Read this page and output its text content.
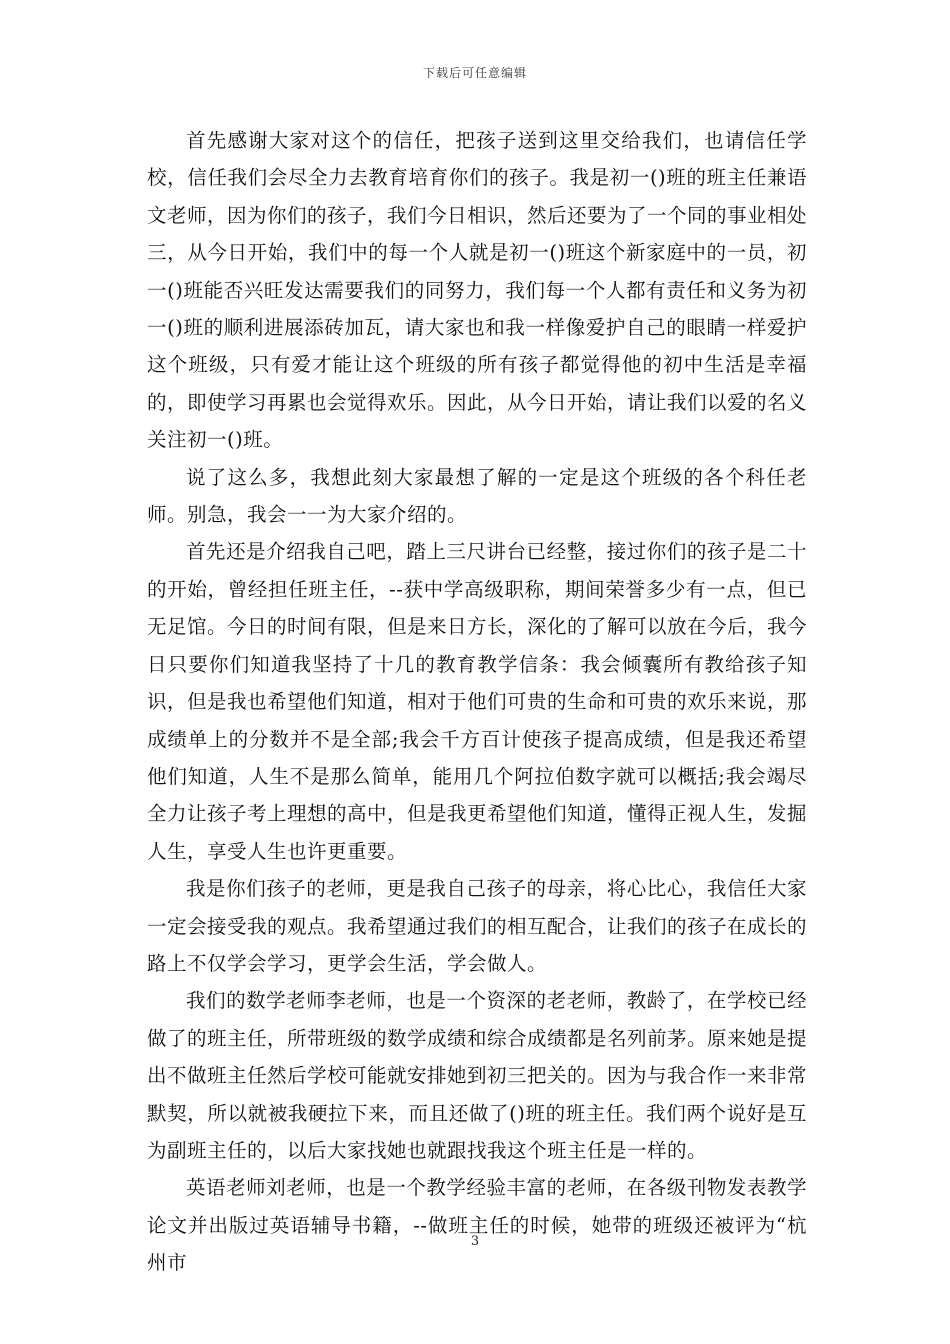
下载后可任意编辑

首先感谢大家对这个的信任，把孩子送到这里交给我们，也请信任学校，信任我们会尽全力去教育培育你们的孩子。我是初一()班的班主任兼语文老师，因为你们的孩子，我们今日相识，然后还要为了一个同的事业相处三，从今日开始，我们中的每一个人就是初一()班这个新家庭中的一员，初一()班能否兴旺发达需要我们的同努力，我们每一个人都有责任和义务为初一()班的顺利进展添砖加瓦，请大家也和我一样像爱护自己的眼睛一样爱护这个班级，只有爱才能让这个班级的所有孩子都觉得他的初中生活是幸福的，即使学习再累也会觉得欢乐。因此，从今日开始，请让我们以爱的名义关注初一()班。

说了这么多，我想此刻大家最想了解的一定是这个班级的各个科任老师。别急，我会一一为大家介绍的。

首先还是介绍我自己吧，踏上三尺讲台已经整，接过你们的孩子是二十的开始，曾经担任班主任，--获中学高级职称，期间荣誉多少有一点，但已无足馆。今日的时间有限，但是来日方长，深化的了解可以放在今后，我今日只要你们知道我坚持了十几的教育教学信条：我会倾囊所有教给孩子知识，但是我也希望他们知道，相对于他们可贵的生命和可贵的欢乐来说，那成绩单上的分数并不是全部;我会千方百计使孩子提高成绩，但是我还希望他们知道，人生不是那么简单，能用几个阿拉伯数字就可以概括;我会竭尽全力让孩子考上理想的高中，但是我更希望他们知道，懂得正视人生，发掘人生，享受人生也许更重要。

我是你们孩子的老师，更是我自己孩子的母亲，将心比心，我信任大家一定会接受我的观点。我希望通过我们的相互配合，让我们的孩子在成长的路上不仅学会学习，更学会生活，学会做人。

我们的数学老师李老师，也是一个资深的老老师，教龄了，在学校已经做了的班主任，所带班级的数学成绩和综合成绩都是名列前茅。原来她是提出不做班主任然后学校可能就安排她到初三把关的。因为与我合作一来非常默契，所以就被我硬拉下来，而且还做了()班的班主任。我们两个说好是互为副班主任的，以后大家找她也就跟找我这个班主任是一样的。

英语老师刘老师，也是一个教学经验丰富的老师，在各级刊物发表教学论文并出版过英语辅导书籍，--做班主任的时候，她带的班级还被评为“杭州市

3
